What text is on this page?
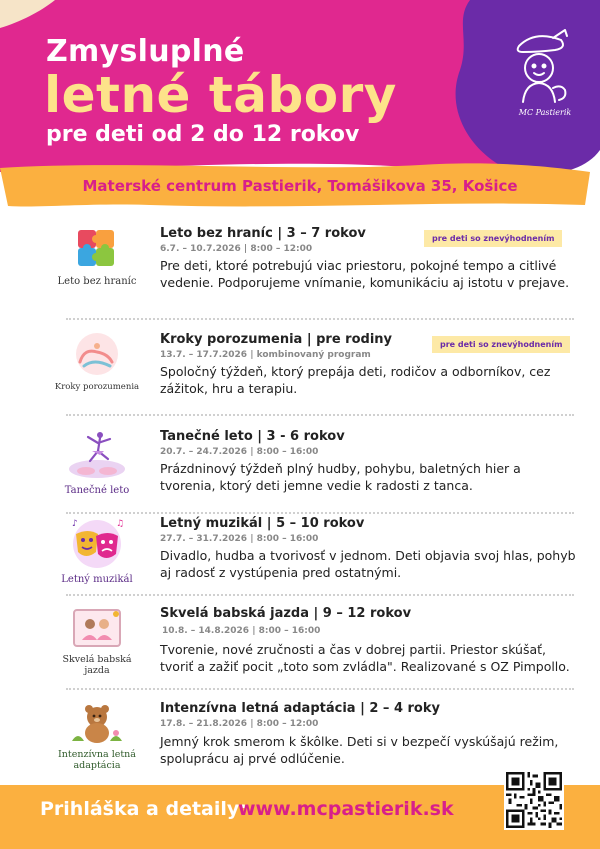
Zmysluplné
letné tábory
pre deti od 2 do 12 rokov
MC Pastierik
Materské centrum Pastierik, Tomášikova 35, Košice
Leto bez hraníc
Leto bez hraníc | 3 – 7 rokov	pre deti so znevýhodnením
6.7. – 10.7.2026 | 8:00 – 12:00
Pre deti, ktoré potrebujú viac priestoru, pokojné tempo a citlivé vedenie. Podporujeme vnímanie, komunikáciu aj istotu v prejave.
Kroky porozumenia
Kroky porozumenia | pre rodiny	pre deti so znevýhodnením
13.7. – 17.7.2026 | kombinovaný program
Spoločný týždeň, ktorý prepája deti, rodičov a odborníkov, cez zážitok, hru a terapiu.
Tanečné leto
Tanečné leto | 3 - 6 rokov
20.7. – 24.7.2026 | 8:00 – 16:00
Prázdninový týždeň plný hudby, pohybu, baletných hier a tvorenia, ktorý deti jemne vedie k radosti z tanca.
♪	♫
Letný muzikál
Letný muzikál | 5 – 10 rokov
27.7. – 31.7.2026 | 8:00 – 16:00
Divadlo, hudba a tvorivosť v jednom. Deti objavia svoj hlas, pohyb aj radosť z vystúpenia pred ostatnými.
Skvelá babská jazda
Skvelá babská jazda | 9 – 12 rokov
10.8. – 14.8.2026 | 8:00 – 16:00
Tvorenie, nové zručnosti a čas v dobrej partii. Priestor skúšať, tvoriť a zažiť pocit „toto som zvládla". Realizované s OZ Pimpollo.
Intenzívna letná adaptácia
Intenzívna letná adaptácia | 2 – 4 roky
17.8. – 21.8.2026 | 8:00 – 12:00
Jemný krok smerom k škôlke. Deti si v bezpečí vyskúšajú režim, spoluprácu aj prvé odlúčenie.
Prihláška a detaily:
www.mcpastierik.sk
